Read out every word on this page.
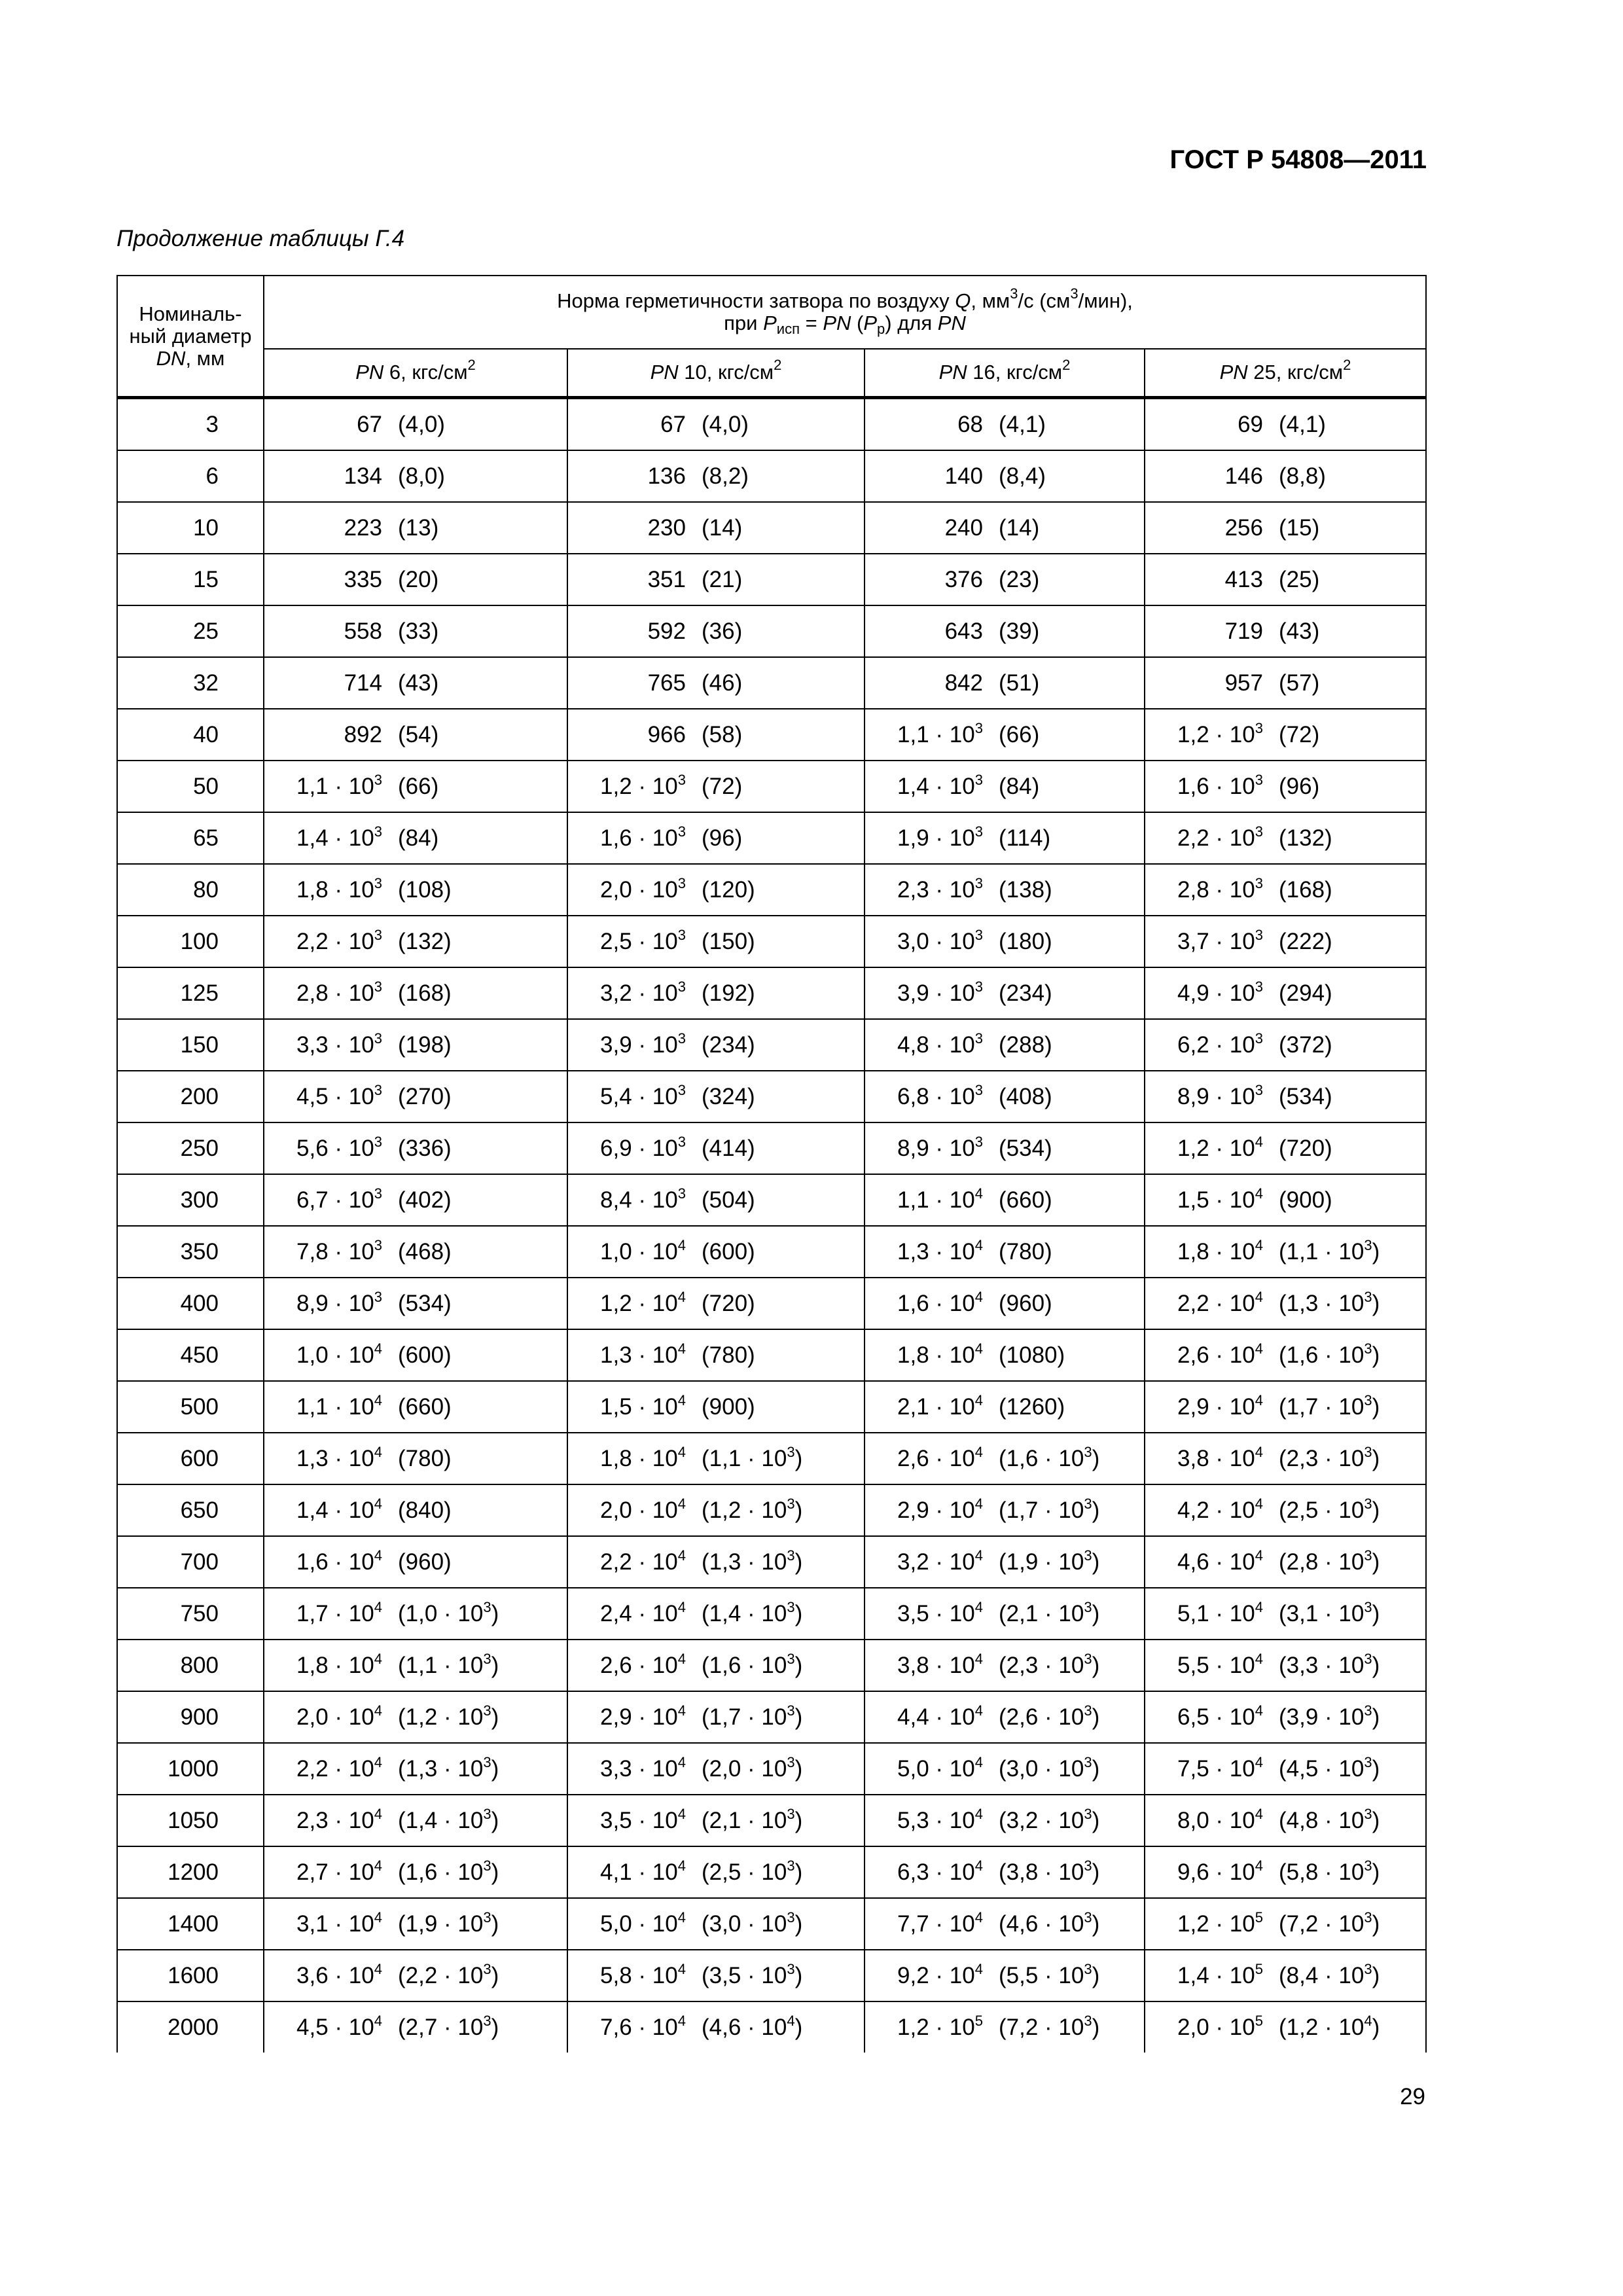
ГОСТ Р 54808—2011
Продолжение таблицы Г.4
Номиналь-
ный диаметр
DN, мм	Норма герметичности затвора по воздуху Q, $мм^3/с$ $(см^3/мин)$,
при $P_{исп}$ = PN $(P_р)$ для PN			
	PN 6, кгс/$см^2$	PN 10, кгс/$см^2$	PN 16, кгс/$см^2$	PN 25, кгс/$см^2$
3	67 (4,0)	67 (4,0)	68 (4,1)	69 (4,1)

6	134 (8,0)	136 (8,2)	140 (8,4)	146 (8,8)

10	223 (13)	230 (14)	240 (14)	256 (15)

15	335 (20)	351 (21)	376 (23)	413 (25)

25	558 (33)	592 (36)	643 (39)	719 (43)

32	714 (43)	765 (46)	842 (51)	957 (57)

40	892 (54)	966 (58)	$1,1 \cdot 10^3$ (66)	$1,2 \cdot 10^3$ (72)

50	$1,1 \cdot 10^3$ (66)	$1,2 \cdot 10^3$ (72)	$1,4 \cdot 10^3$ (84)	$1,6 \cdot 10^3$ (96)

65	$1,4 \cdot 10^3$ (84)	$1,6 \cdot 10^3$ (96)	$1,9 \cdot 10^3$ (114)	$2,2 \cdot 10^3$ (132)

80	$1,8 \cdot 10^3$ (108)	$2,0 \cdot 10^3$ (120)	$2,3 \cdot 10^3$ (138)	$2,8 \cdot 10^3$ (168)

100	$2,2 \cdot 10^3$ (132)	$2,5 \cdot 10^3$ (150)	$3,0 \cdot 10^3$ (180)	$3,7 \cdot 10^3$ (222)

125	$2,8 \cdot 10^3$ (168)	$3,2 \cdot 10^3$ (192)	$3,9 \cdot 10^3$ (234)	$4,9 \cdot 10^3$ (294)

150	$3,3 \cdot 10^3$ (198)	$3,9 \cdot 10^3$ (234)	$4,8 \cdot 10^3$ (288)	$6,2 \cdot 10^3$ (372)

200	$4,5 \cdot 10^3$ (270)	$5,4 \cdot 10^3$ (324)	$6,8 \cdot 10^3$ (408)	$8,9 \cdot 10^3$ (534)

250	$5,6 \cdot 10^3$ (336)	$6,9 \cdot 10^3$ (414)	$8,9 \cdot 10^3$ (534)	$1,2 \cdot 10^4$ (720)

300	$6,7 \cdot 10^3$ (402)	$8,4 \cdot 10^3$ (504)	$1,1 \cdot 10^4$ (660)	$1,5 \cdot 10^4$ (900)

350	$7,8 \cdot 10^3$ (468)	$1,0 \cdot 10^4$ (600)	$1,3 \cdot 10^4$ (780)	$1,8 \cdot 10^4$ $(1,1 \cdot 10^3)$

400	$8,9 \cdot 10^3$ (534)	$1,2 \cdot 10^4$ (720)	$1,6 \cdot 10^4$ (960)	$2,2 \cdot 10^4$ $(1,3 \cdot 10^3)$

450	$1,0 \cdot 10^4$ (600)	$1,3 \cdot 10^4$ (780)	$1,8 \cdot 10^4$ (1080)	$2,6 \cdot 10^4$ $(1,6 \cdot 10^3)$

500	$1,1 \cdot 10^4$ (660)	$1,5 \cdot 10^4$ (900)	$2,1 \cdot 10^4$ (1260)	$2,9 \cdot 10^4$ $(1,7 \cdot 10^3)$

600	$1,3 \cdot 10^4$ (780)	$1,8 \cdot 10^4$ $(1,1 \cdot 10^3)$	$2,6 \cdot 10^4$ $(1,6 \cdot 10^3)$	$3,8 \cdot 10^4$ $(2,3 \cdot 10^3)$

650	$1,4 \cdot 10^4$ (840)	$2,0 \cdot 10^4$ $(1,2 \cdot 10^3)$	$2,9 \cdot 10^4$ $(1,7 \cdot 10^3)$	$4,2 \cdot 10^4$ $(2,5 \cdot 10^3)$

700	$1,6 \cdot 10^4$ (960)	$2,2 \cdot 10^4$ $(1,3 \cdot 10^3)$	$3,2 \cdot 10^4$ $(1,9 \cdot 10^3)$	$4,6 \cdot 10^4$ $(2,8 \cdot 10^3)$

750	$1,7 \cdot 10^4$ $(1,0 \cdot 10^3)$	$2,4 \cdot 10^4$ $(1,4 \cdot 10^3)$	$3,5 \cdot 10^4$ $(2,1 \cdot 10^3)$	$5,1 \cdot 10^4$ $(3,1 \cdot 10^3)$

800	$1,8 \cdot 10^4$ $(1,1 \cdot 10^3)$	$2,6 \cdot 10^4$ $(1,6 \cdot 10^3)$	$3,8 \cdot 10^4$ $(2,3 \cdot 10^3)$	$5,5 \cdot 10^4$ $(3,3 \cdot 10^3)$

900	$2,0 \cdot 10^4$ $(1,2 \cdot 10^3)$	$2,9 \cdot 10^4$ $(1,7 \cdot 10^3)$	$4,4 \cdot 10^4$ $(2,6 \cdot 10^3)$	$6,5 \cdot 10^4$ $(3,9 \cdot 10^3)$

1000	$2,2 \cdot 10^4$ $(1,3 \cdot 10^3)$	$3,3 \cdot 10^4$ $(2,0 \cdot 10^3)$	$5,0 \cdot 10^4$ $(3,0 \cdot 10^3)$	$7,5 \cdot 10^4$ $(4,5 \cdot 10^3)$

1050	$2,3 \cdot 10^4$ $(1,4 \cdot 10^3)$	$3,5 \cdot 10^4$ $(2,1 \cdot 10^3)$	$5,3 \cdot 10^4$ $(3,2 \cdot 10^3)$	$8,0 \cdot 10^4$ $(4,8 \cdot 10^3)$

1200	$2,7 \cdot 10^4$ $(1,6 \cdot 10^3)$	$4,1 \cdot 10^4$ $(2,5 \cdot 10^3)$	$6,3 \cdot 10^4$ $(3,8 \cdot 10^3)$	$9,6 \cdot 10^4$ $(5,8 \cdot 10^3)$

1400	$3,1 \cdot 10^4$ $(1,9 \cdot 10^3)$	$5,0 \cdot 10^4$ $(3,0 \cdot 10^3)$	$7,7 \cdot 10^4$ $(4,6 \cdot 10^3)$	$1,2 \cdot 10^5$ $(7,2 \cdot 10^3)$

1600	$3,6 \cdot 10^4$ $(2,2 \cdot 10^3)$	$5,8 \cdot 10^4$ $(3,5 \cdot 10^3)$	$9,2 \cdot 10^4$ $(5,5 \cdot 10^3)$	$1,4 \cdot 10^5$ $(8,4 \cdot 10^3)$

2000	$4,5 \cdot 10^4$ $(2,7 \cdot 10^3)$	$7,6 \cdot 10^4$ $(4,6 \cdot 10^4)$	$1,2 \cdot 10^5$ $(7,2 \cdot 10^3)$	$2,0 \cdot 10^5$ $(1,2 \cdot 10^4)$
29
